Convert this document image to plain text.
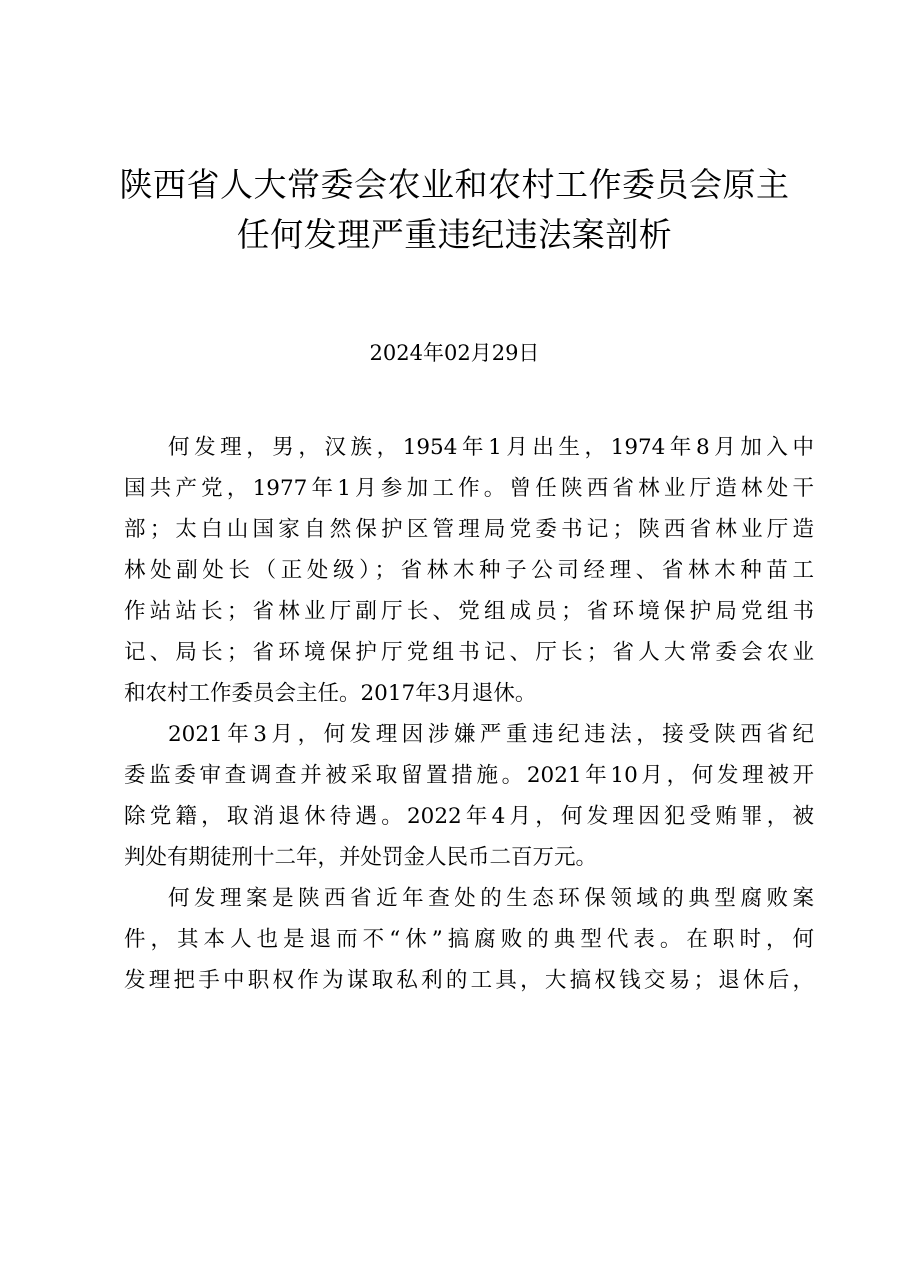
陕西省人大常委会农业和农村工作委员会原主
任何发理严重违纪违法案剖析
2024年02月29日
何发理，男，汉族，1954年1月出生，1974年8月加入中
国共产党，1977年1月参加工作。曾任陕西省林业厅造林处干
部；太白山国家自然保护区管理局党委书记；陕西省林业厅造
林处副处长（正处级）；省林木种子公司经理、省林木种苗工
作站站长；省林业厅副厅长、党组成员；省环境保护局党组书
记、局长；省环境保护厅党组书记、厅长；省人大常委会农业
和农村工作委员会主任。2017年3月退休。
2021年3月，何发理因涉嫌严重违纪违法，接受陕西省纪
委监委审查调查并被采取留置措施。2021年10月，何发理被开
除党籍，取消退休待遇。2022年4月，何发理因犯受贿罪，被
判处有期徒刑十二年，并处罚金人民币二百万元。
何发理案是陕西省近年查处的生态环保领域的典型腐败案
件，其本人也是退而不“休”搞腐败的典型代表。在职时，何
发理把手中职权作为谋取私利的工具，大搞权钱交易；退休后，
